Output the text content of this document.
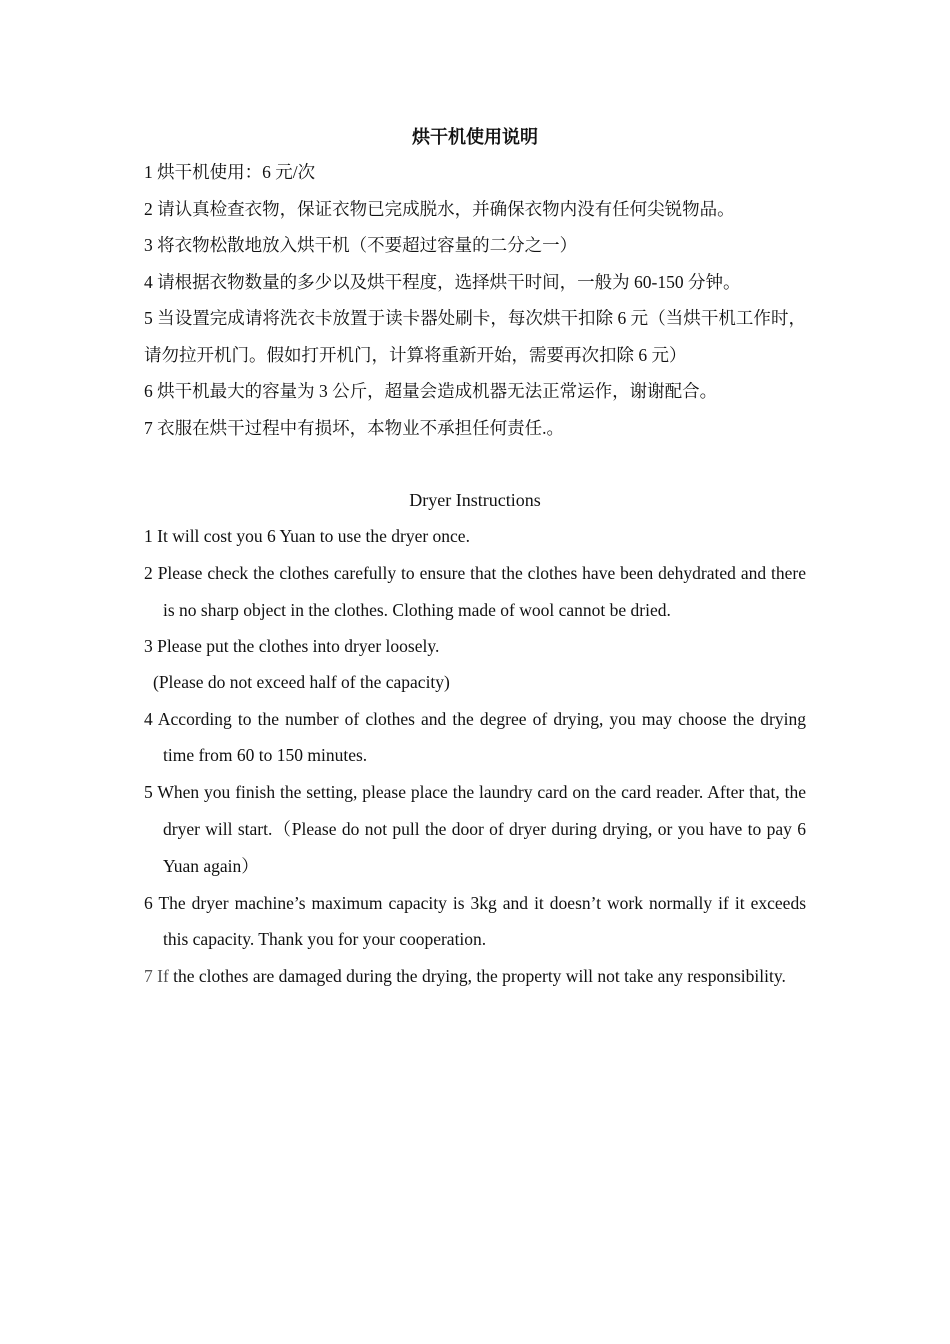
烘干机使用说明

1 烘干机使用：6 元/次

2 请认真检查衣物，保证衣物已完成脱水，并确保衣物内没有任何尖锐物品。

3 将衣物松散地放入烘干机（不要超过容量的二分之一）

4 请根据衣物数量的多少以及烘干程度，选择烘干时间，一般为 60-150 分钟。

5 当设置完成请将洗衣卡放置于读卡器处刷卡，每次烘干扣除 6 元（当烘干机工作时，请勿拉开机门。假如打开机门，计算将重新开始，需要再次扣除 6 元）

6 烘干机最大的容量为 3 公斤，超量会造成机器无法正常运作，谢谢配合。

7 衣服在烘干过程中有损坏，本物业不承担任何责任.。

Dryer Instructions

1 It will cost you 6 Yuan to use the dryer once.

2 Please check the clothes carefully to ensure that the clothes have been dehydrated and there is no sharp object in the clothes. Clothing made of wool cannot be dried.

3 Please put the clothes into dryer loosely.

(Please do not exceed half of the capacity)

4 According to the number of clothes and the degree of drying, you may choose the drying time from 60 to 150 minutes.

5 When you finish the setting, please place the laundry card on the card reader. After that, the dryer will start.（Please do not pull the door of dryer during drying, or you have to pay 6 Yuan again）

6 The dryer machine’s maximum capacity is 3kg and it doesn’t work normally if it exceeds this capacity. Thank you for your cooperation.

7 If the clothes are damaged during the drying, the property will not take any responsibility.
